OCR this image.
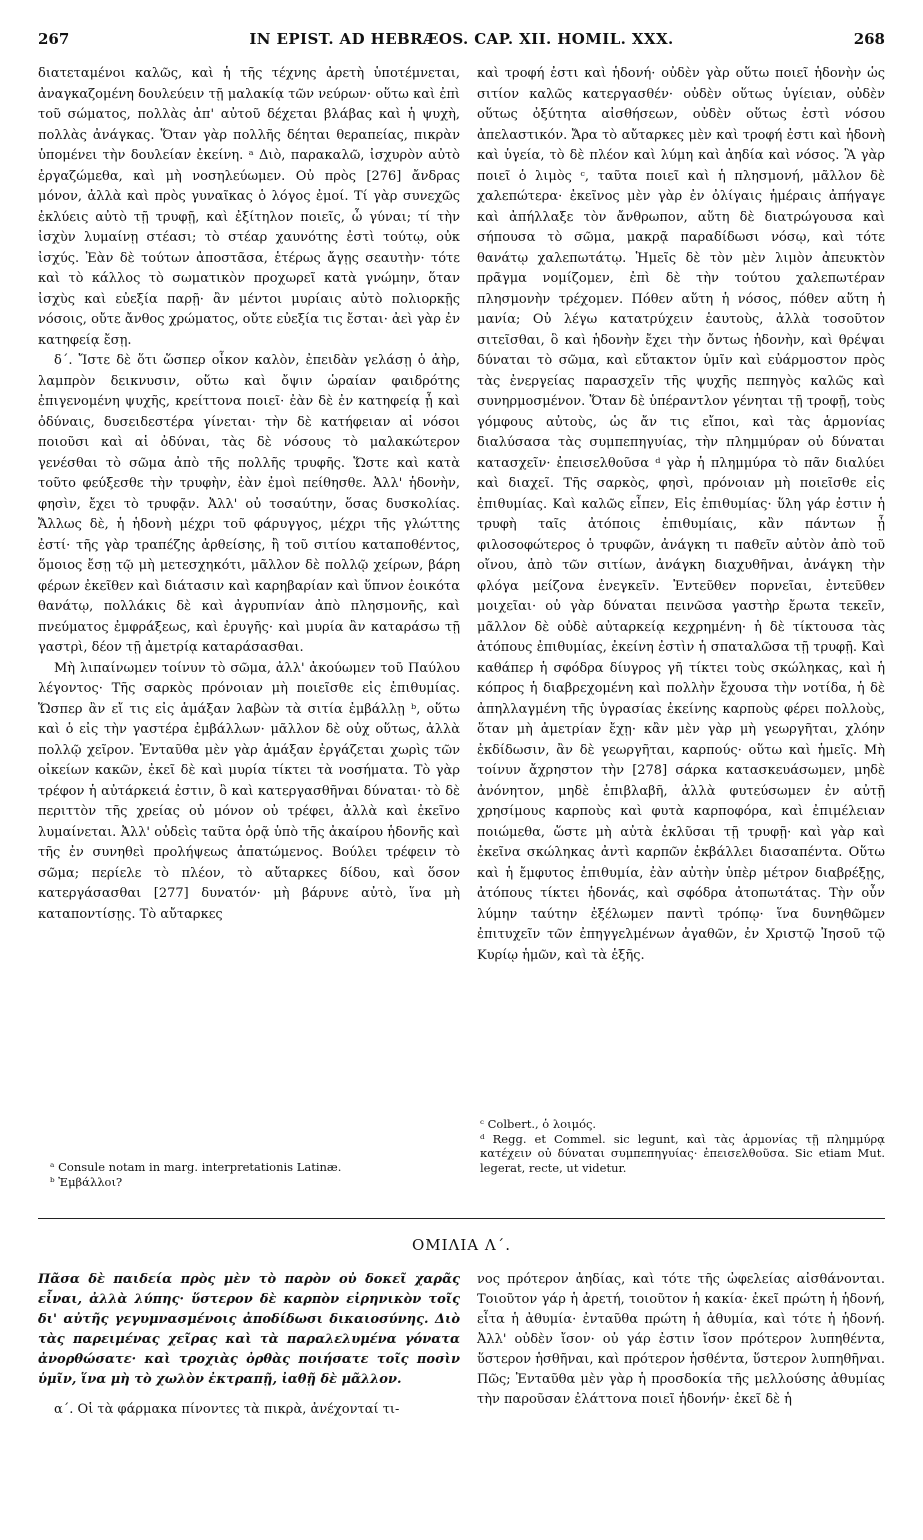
267	IN EPIST. AD HEBRÆOS. CAP. XII. HOMIL. XXX.	268

διατεταμένοι καλῶς, καὶ ἡ τῆς τέχνης ἀρετὴ ὑποτέμνεται, ἀναγκαζομένη δουλεύειν τῇ μαλακίᾳ τῶν νεύρων· οὕτω καὶ ἐπὶ τοῦ σώματος, πολλὰς ἀπ' αὐτοῦ δέχεται βλάβας καὶ ἡ ψυχὴ, πολλὰς ἀνάγκας. Ὅταν γὰρ πολλῆς δέηται θεραπείας, πικρὰν ὑπομένει τὴν δουλείαν ἐκείνη. ᵃ Διὸ, παρακαλῶ, ἰσχυρὸν αὐτὸ ἐργαζώμεθα, καὶ μὴ νοσηλεύωμεν. Οὐ πρὸς [276] ἄνδρας μόνον, ἀλλὰ καὶ πρὸς γυναῖκας ὁ λόγος ἐμοί. Τί γὰρ συνεχῶς ἐκλύεις αὐτὸ τῇ τρυφῇ, καὶ ἐξίτηλον ποιεῖς, ὦ γύναι; τί τὴν ἰσχὺν λυμαίνῃ στέασι; τὸ στέαρ χαυνότης ἐστὶ τούτῳ, οὐκ ἰσχύς. Ἐὰν δὲ τούτων ἀποστᾶσα, ἑτέρως ἄγῃς σεαυτὴν· τότε καὶ τὸ κάλλος τὸ σωματικὸν προχωρεῖ κατὰ γνώμην, ὅταν ἰσχὺς καὶ εὐεξία παρῇ· ἂν μέντοι μυρίαις αὐτὸ πολιορκῇς νόσοις, οὔτε ἄνθος χρώματος, οὔτε εὐεξία τις ἔσται· ἀεὶ γὰρ ἐν κατηφείᾳ ἔσῃ.

δ΄. Ἴστε δὲ ὅτι ὥσπερ οἶκον καλὸν, ἐπειδὰν γελάσῃ ὁ ἀὴρ, λαμπρὸν δεικνυσιν, οὕτω καὶ ὄψιν ὡραίαν φαιδρότης ἐπιγενομένη ψυχῆς, κρείττονα ποιεῖ· ἐὰν δὲ ἐν κατηφείᾳ ᾖ καὶ ὀδύναις, δυσειδεστέρα γίνεται· τὴν δὲ κατήφειαν αἱ νόσοι ποιοῦσι καὶ αἱ ὀδύναι, τὰς δὲ νόσους τὸ μαλακώτερον γενέσθαι τὸ σῶμα ἀπὸ τῆς πολλῆς τρυφῆς. Ὥστε καὶ κατὰ τοῦτο φεύξεσθε τὴν τρυφὴν, ἐὰν ἐμοὶ πείθησθε. Ἀλλ' ἡδονὴν, φησὶν, ἔχει τὸ τρυφᾷν. Ἀλλ' οὐ τοσαύτην, ὅσας δυσκολίας. Ἄλλως δὲ, ἡ ἡδονὴ μέχρι τοῦ φάρυγγος, μέχρι τῆς γλώττης ἐστί· τῆς γὰρ τραπέζης ἀρθείσης, ἢ τοῦ σιτίου καταποθέντος, ὅμοιος ἔσῃ τῷ μὴ μετεσχηκότι, μᾶλλον δὲ πολλῷ χείρων, βάρη φέρων ἐκεῖθεν καὶ διάτασιν καὶ καρηβαρίαν καὶ ὕπνον ἐοικότα θανάτῳ, πολλάκις δὲ καὶ ἀγρυπνίαν ἀπὸ πλησμονῆς, καὶ πνεύματος ἐμφράξεως, καὶ ἐρυγῆς· καὶ μυρία ἂν καταράσω τῇ γαστρὶ, δέον τῇ ἀμετρίᾳ καταράσασθαι.

Μὴ λιπαίνωμεν τοίνυν τὸ σῶμα, ἀλλ' ἀκούωμεν τοῦ Παύλου λέγοντος· Τῆς σαρκὸς πρόνοιαν μὴ ποιεῖσθε εἰς ἐπιθυμίας. Ὥσπερ ἂν εἴ τις εἰς ἁμάξαν λαβὼν τὰ σιτία ἐμβάλλῃ ᵇ, οὕτω καὶ ὁ εἰς τὴν γαστέρα ἐμβάλλων· μᾶλλον δὲ οὐχ οὕτως, ἀλλὰ πολλῷ χεῖρον. Ἐνταῦθα μὲν γὰρ ἁμάξαν ἐργάζεται χωρὶς τῶν οἰκείων κακῶν, ἐκεῖ δὲ καὶ μυρία τίκτει τὰ νοσήματα. Τὸ γὰρ τρέφον ἡ αὐτάρκειά ἐστιν, ὃ καὶ κατεργασθῆναι δύναται· τὸ δὲ περιττὸν τῆς χρείας οὐ μόνον οὐ τρέφει, ἀλλὰ καὶ ἐκεῖνο λυμαίνεται. Ἀλλ' οὐδεὶς ταῦτα ὁρᾷ ὑπὸ τῆς ἀκαίρου ἡδονῆς καὶ τῆς ἐν συνηθεὶ προλήψεως ἀπατώμενος. Βούλει τρέφειν τὸ σῶμα; περίελε τὸ πλέον, τὸ αὔταρκες δίδου, καὶ ὅσον κατεργάσασθαι [277] δυνατόν· μὴ βάρυνε αὐτὸ, ἵνα μὴ καταποντίσῃς. Τὸ αὔταρκες

καὶ τροφή ἐστι καὶ ἡδονή· οὐδὲν γὰρ οὕτω ποιεῖ ἡδονὴν ὡς σιτίον καλῶς κατεργασθέν· οὐδὲν οὕτως ὑγίειαν, οὐδὲν οὕτως ὀξύτητα αἰσθήσεων, οὐδὲν οὕτως ἐστὶ νόσου ἀπελαστικόν. Ἄρα τὸ αὔταρκες μὲν καὶ τροφή ἐστι καὶ ἡδονὴ καὶ ὑγεία, τὸ δὲ πλέον καὶ λύμη καὶ ἀηδία καὶ νόσος. Ἃ γὰρ ποιεῖ ὁ λιμὸς ᶜ, ταῦτα ποιεῖ καὶ ἡ πλησμονή, μᾶλλον δὲ χαλεπώτερα· ἐκεῖνος μὲν γὰρ ἐν ὀλίγαις ἡμέραις ἀπήγαγε καὶ ἀπήλλαξε τὸν ἄνθρωπον, αὕτη δὲ διατρώγουσα καὶ σήπουσα τὸ σῶμα, μακρᾷ παραδίδωσι νόσῳ, καὶ τότε θανάτῳ χαλεπωτάτῳ. Ἡμεῖς δὲ τὸν μὲν λιμὸν ἀπευκτὸν πρᾶγμα νομίζομεν, ἐπὶ δὲ τὴν τούτου χαλεπωτέραν πλησμονὴν τρέχομεν. Πόθεν αὕτη ἡ νόσος, πόθεν αὕτη ἡ μανία; Οὐ λέγω κατατρύχειν ἑαυτοὺς, ἀλλὰ τοσοῦτον σιτεῖσθαι, ὃ καὶ ἡδονὴν ἔχει τὴν ὄντως ἡδονὴν, καὶ θρέψαι δύναται τὸ σῶμα, καὶ εὔτακτον ὑμῖν καὶ εὐάρμοστον πρὸς τὰς ἐνεργείας παρασχεῖν τῆς ψυχῆς πεπηγὸς καλῶς καὶ συνηρμοσμένον. Ὅταν δὲ ὑπέραντλον γένηται τῇ τροφῇ, τοὺς γόμφους αὐτοὺς, ὡς ἄν τις εἴποι, καὶ τὰς ἁρμονίας διαλύσασα τὰς συμπεπηγυίας, τὴν πλημμύραν οὐ δύναται κατασχεῖν· ἐπεισελθοῦσα ᵈ γὰρ ἡ πλημμύρα τὸ πᾶν διαλύει καὶ διαχεῖ. Τῆς σαρκὸς, φησὶ, πρόνοιαν μὴ ποιεῖσθε εἰς ἐπιθυμίας. Καὶ καλῶς εἶπεν, Εἰς ἐπιθυμίας· ὕλη γάρ ἐστιν ἡ τρυφὴ ταῖς ἀτόποις ἐπιθυμίαις, κἂν πάντων ᾖ φιλοσοφώτερος ὁ τρυφῶν, ἀνάγκη τι παθεῖν αὐτὸν ἀπὸ τοῦ οἴνου, ἀπὸ τῶν σιτίων, ἀνάγκη διαχυθῆναι, ἀνάγκη τὴν φλόγα μείζονα ἐνεγκεῖν. Ἐντεῦθεν πορνεῖαι, ἐντεῦθεν μοιχεῖαι· οὐ γὰρ δύναται πεινῶσα γαστὴρ ἔρωτα τεκεῖν, μᾶλλον δὲ οὐδὲ αὐταρκείᾳ κεχρημένη· ἡ δὲ τίκτουσα τὰς ἀτόπους ἐπιθυμίας, ἐκείνη ἐστὶν ἡ σπαταλῶσα τῇ τρυφῇ. Καὶ καθάπερ ἡ σφόδρα δίυγρος γῆ τίκτει τοὺς σκώληκας, καὶ ἡ κόπρος ἡ διαβρεχομένη καὶ πολλὴν ἔχουσα τὴν νοτίδα, ἡ δὲ ἀπηλλαγμένη τῆς ὑγρασίας ἐκείνης καρποὺς φέρει πολλοὺς, ὅταν μὴ ἀμετρίαν ἔχῃ· κἂν μὲν γὰρ μὴ γεωργῆται, χλόην ἐκδίδωσιν, ἂν δὲ γεωργῆται, καρπούς· οὕτω καὶ ἡμεῖς. Μὴ τοίνυν ἄχρηστον τὴν [278] σάρκα κατασκευάσωμεν, μηδὲ ἀνόνητον, μηδὲ ἐπιβλαβῆ, ἀλλὰ φυτεύσωμεν ἐν αὐτῇ χρησίμους καρποὺς καὶ φυτὰ καρποφόρα, καὶ ἐπιμέλειαν ποιώμεθα, ὥστε μὴ αὐτὰ ἐκλῦσαι τῇ τρυφῇ· καὶ γὰρ καὶ ἐκεῖνα σκώληκας ἀντὶ καρπῶν ἐκβάλλει διασαπέντα. Οὕτω καὶ ἡ ἔμφυτος ἐπιθυμία, ἐὰν αὐτὴν ὑπὲρ μέτρον διαβρέξῃς, ἀτόπους τίκτει ἡδονάς, καὶ σφόδρα ἀτοπωτάτας. Τὴν οὖν λύμην ταύτην ἐξέλωμεν παντὶ τρόπῳ· ἵνα δυνηθῶμεν ἐπιτυχεῖν τῶν ἐπηγγελμένων ἀγαθῶν, ἐν Χριστῷ Ἰησοῦ τῷ Κυρίῳ ἡμῶν, καὶ τὰ ἑξῆς.

ᵃ Consule notam in marg. interpretationis Latinæ.

ᵇ Ἐμβάλλοι?

ᶜ Colbert., ὁ λοιμός.

ᵈ Regg. et Commel. sic legunt, καὶ τὰς ἁρμονίας τῇ πλημμύρᾳ κατέχειν οὐ δύναται συμπεπηγυίας· ἐπεισελθοῦσα. Sic etiam Mut. legerat, recte, ut videtur.

ΟΜΙΛΙΑ Λ΄.

Πᾶσα δὲ παιδεία πρὸς μὲν τὸ παρὸν οὐ δοκεῖ χαρᾶς εἶναι, ἀλλὰ λύπης· ὕστερον δὲ καρπὸν εἰρηνικὸν τοῖς δι' αὐτῆς γεγυμνασμένοις ἀποδίδωσι δικαιοσύνης. Διὸ τὰς παρειμένας χεῖρας καὶ τὰ παραλελυμένα γόνατα ἀνορθώσατε· καὶ τροχιὰς ὀρθὰς ποιήσατε τοῖς ποσὶν ὑμῖν, ἵνα μὴ τὸ χωλὸν ἐκτραπῇ, ἰαθῇ δὲ μᾶλλον.

α΄. Οἱ τὰ φάρμακα πίνοντες τὰ πικρὰ, ἀνέχονταί τι-

νος πρότερον ἀηδίας, καὶ τότε τῆς ὠφελείας αἰσθάνονται. Τοιοῦτον γάρ ἡ ἀρετή, τοιοῦτον ἡ κακία· ἐκεῖ πρώτη ἡ ἡδονή, εἶτα ἡ ἀθυμία· ἐνταῦθα πρώτη ἡ ἀθυμία, καὶ τότε ἡ ἡδονή. Ἀλλ' οὐδὲν ἴσον· οὐ γάρ ἐστιν ἴσον πρότερον λυπηθέντα, ὕστερον ἡσθῆναι, καὶ πρότερον ἡσθέντα, ὕστερον λυπηθῆναι. Πῶς; Ἐνταῦθα μὲν γὰρ ἡ προσδοκία τῆς μελλούσης ἀθυμίας τὴν παροῦσαν ἐλάττονα ποιεῖ ἡδονήν· ἐκεῖ δὲ ἡ
